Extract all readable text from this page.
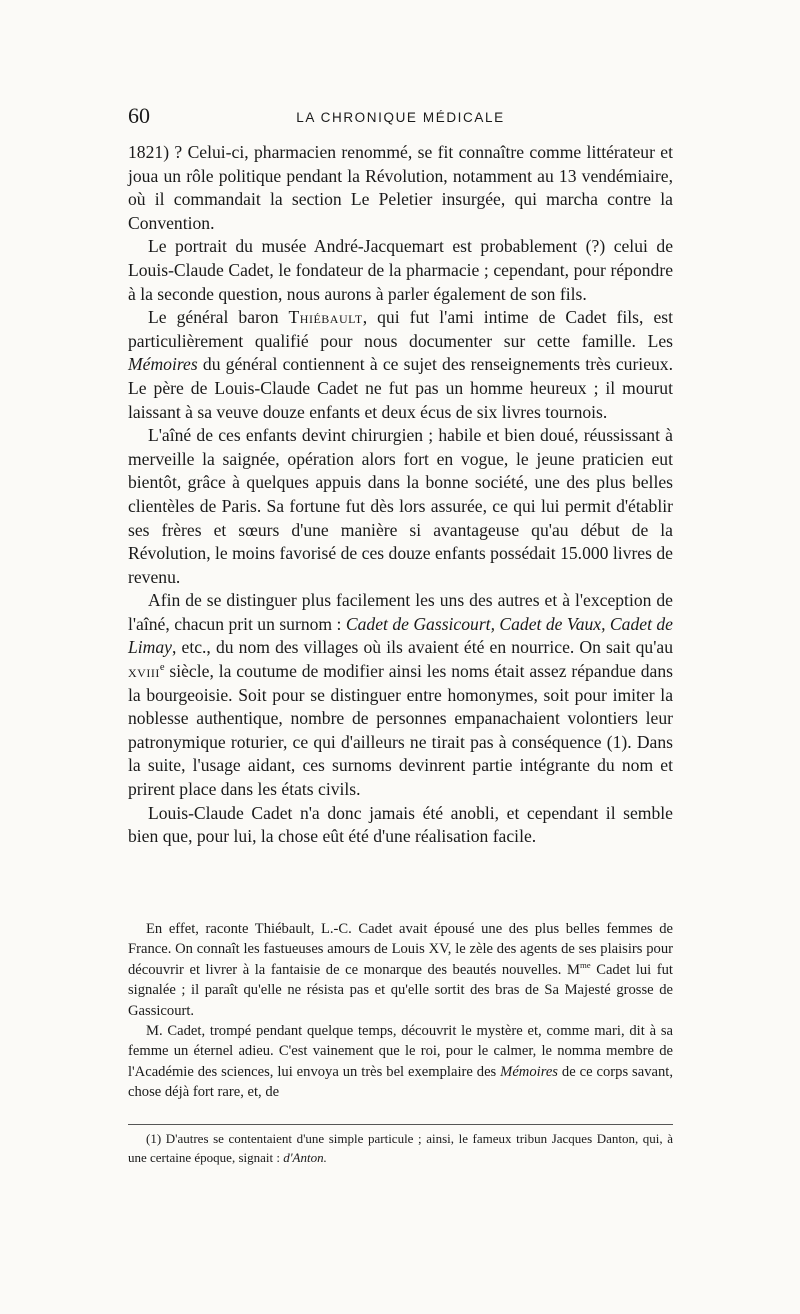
60	LA CHRONIQUE MÉDICALE

1821) ? Celui-ci, pharmacien renommé, se fit connaître comme littérateur et joua un rôle politique pendant la Révolution, notamment au 13 vendémiaire, où il commandait la section Le Peletier insurgée, qui marcha contre la Convention.

Le portrait du musée André-Jacquemart est probablement (?) celui de Louis-Claude Cadet, le fondateur de la pharmacie ; cependant, pour répondre à la seconde question, nous aurons à parler également de son fils.

Le général baron Thiébault, qui fut l'ami intime de Cadet fils, est particulièrement qualifié pour nous documenter sur cette famille. Les Mémoires du général contiennent à ce sujet des renseignements très curieux. Le père de Louis-Claude Cadet ne fut pas un homme heureux ; il mourut laissant à sa veuve douze enfants et deux écus de six livres tournois.

L'aîné de ces enfants devint chirurgien ; habile et bien doué, réussissant à merveille la saignée, opération alors fort en vogue, le jeune praticien eut bientôt, grâce à quelques appuis dans la bonne société, une des plus belles clientèles de Paris. Sa fortune fut dès lors assurée, ce qui lui permit d'établir ses frères et sœurs d'une manière si avantageuse qu'au début de la Révolution, le moins favorisé de ces douze enfants possédait 15.000 livres de revenu.

Afin de se distinguer plus facilement les uns des autres et à l'exception de l'aîné, chacun prit un surnom : Cadet de Gassicourt, Cadet de Vaux, Cadet de Limay, etc., du nom des villages où ils avaient été en nourrice. On sait qu'au xviii$^e$ siècle, la coutume de modifier ainsi les noms était assez répandue dans la bourgeoisie. Soit pour se distinguer entre homonymes, soit pour imiter la noblesse authentique, nombre de personnes empanachaient volontiers leur patronymique roturier, ce qui d'ailleurs ne tirait pas à conséquence (1). Dans la suite, l'usage aidant, ces surnoms devinrent partie intégrante du nom et prirent place dans les états civils.

Louis-Claude Cadet n'a donc jamais été anobli, et cependant il semble bien que, pour lui, la chose eût été d'une réalisation facile.

En effet, raconte Thiébault, L.-C. Cadet avait épousé une des plus belles femmes de France. On connaît les fastueuses amours de Louis XV, le zèle des agents de ses plaisirs pour découvrir et livrer à la fantaisie de ce monarque des beautés nouvelles. $M^{me}$ Cadet lui fut signalée ; il paraît qu'elle ne résista pas et qu'elle sortit des bras de Sa Majesté grosse de Gassicourt.

M. Cadet, trompé pendant quelque temps, découvrit le mystère et, comme mari, dit à sa femme un éternel adieu. C'est vainement que le roi, pour le calmer, le nomma membre de l'Académie des sciences, lui envoya un très bel exemplaire des Mémoires de ce corps savant, chose déjà fort rare, et, de

(1) D'autres se contentaient d'une simple particule ; ainsi, le fameux tribun Jacques Danton, qui, à une certaine époque, signait : d'Anton.
